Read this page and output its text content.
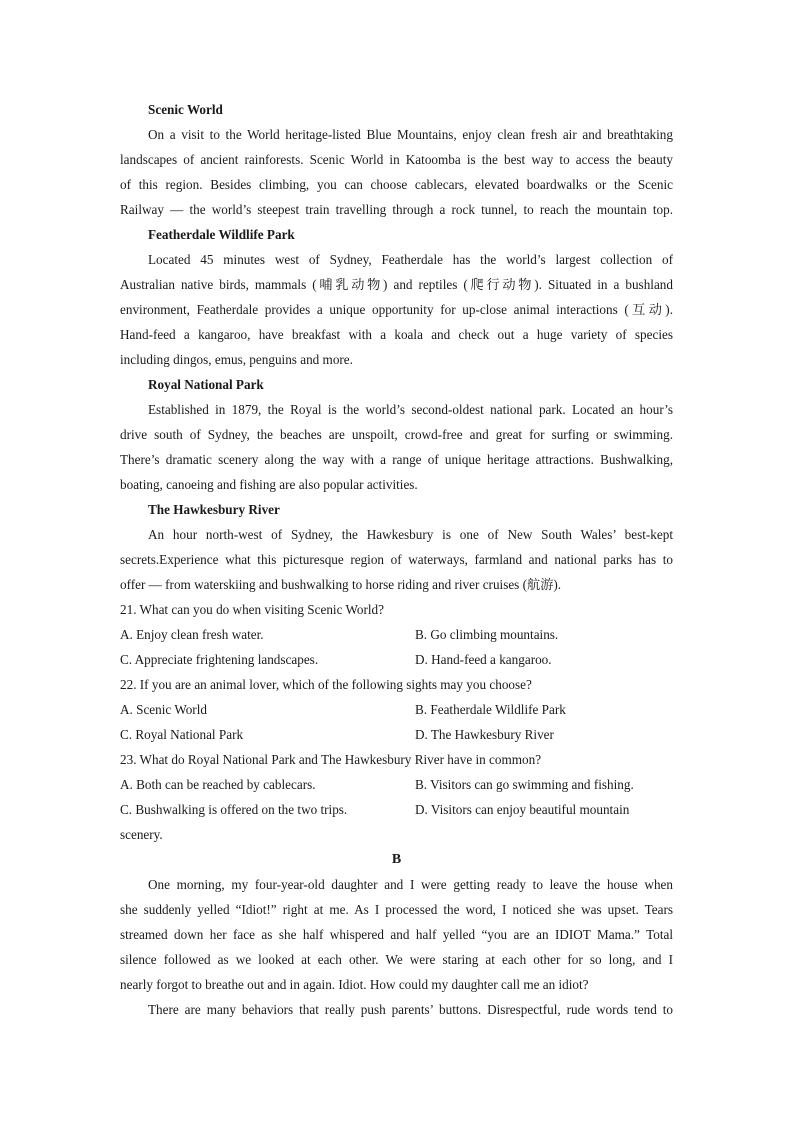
Scenic World
On a visit to the World heritage-listed Blue Mountains, enjoy clean fresh air and breathtaking
landscapes of ancient rainforests. Scenic World in Katoomba is the best way to access the beauty
of this region. Besides climbing, you can choose cablecars, elevated boardwalks or the Scenic
Railway — the world’s steepest train travelling through a rock tunnel, to reach the mountain top.
Featherdale Wildlife Park
Located 45 minutes west of Sydney, Featherdale has the world’s largest collection of
Australian native birds, mammals (哺乳动物) and reptiles (爬行动物). Situated in a bushland
environment, Featherdale provides a unique opportunity for up-close animal interactions (互动).
Hand-feed a kangaroo, have breakfast with a koala and check out a huge variety of species
including dingos, emus, penguins and more.
Royal National Park
Established in 1879, the Royal is the world’s second-oldest national park. Located an hour’s
drive south of Sydney, the beaches are unspoilt, crowd-free and great for surfing or swimming.
There’s dramatic scenery along the way with a range of unique heritage attractions. Bushwalking,
boating, canoeing and fishing are also popular activities.
The Hawkesbury River
An hour north-west of Sydney, the Hawkesbury is one of New South Wales’ best-kept
secrets.Experience what this picturesque region of waterways, farmland and national parks has to
offer — from waterskiing and bushwalking to horse riding and river cruises (航游).
21. What can you do when visiting Scenic World?
A. Enjoy clean fresh water.	B. Go climbing mountains.
C. Appreciate frightening landscapes.	D. Hand-feed a kangaroo.
22. If you are an animal lover, which of the following sights may you choose?
A. Scenic World	B. Featherdale Wildlife Park
C. Royal National Park	D. The Hawkesbury River
23. What do Royal National Park and The Hawkesbury River have in common?
A. Both can be reached by cablecars.	B. Visitors can go swimming and fishing.
C. Bushwalking is offered on the two trips.	D. Visitors can enjoy beautiful mountain
scenery.
B
One morning, my four-year-old daughter and I were getting ready to leave the house when
she suddenly yelled “Idiot!” right at me. As I processed the word, I noticed she was upset. Tears
streamed down her face as she half whispered and half yelled “you are an IDIOT Mama.” Total
silence followed as we looked at each other. We were staring at each other for so long, and I
nearly forgot to breathe out and in again. Idiot. How could my daughter call me an idiot?
There are many behaviors that really push parents’ buttons. Disrespectful, rude words tend to
